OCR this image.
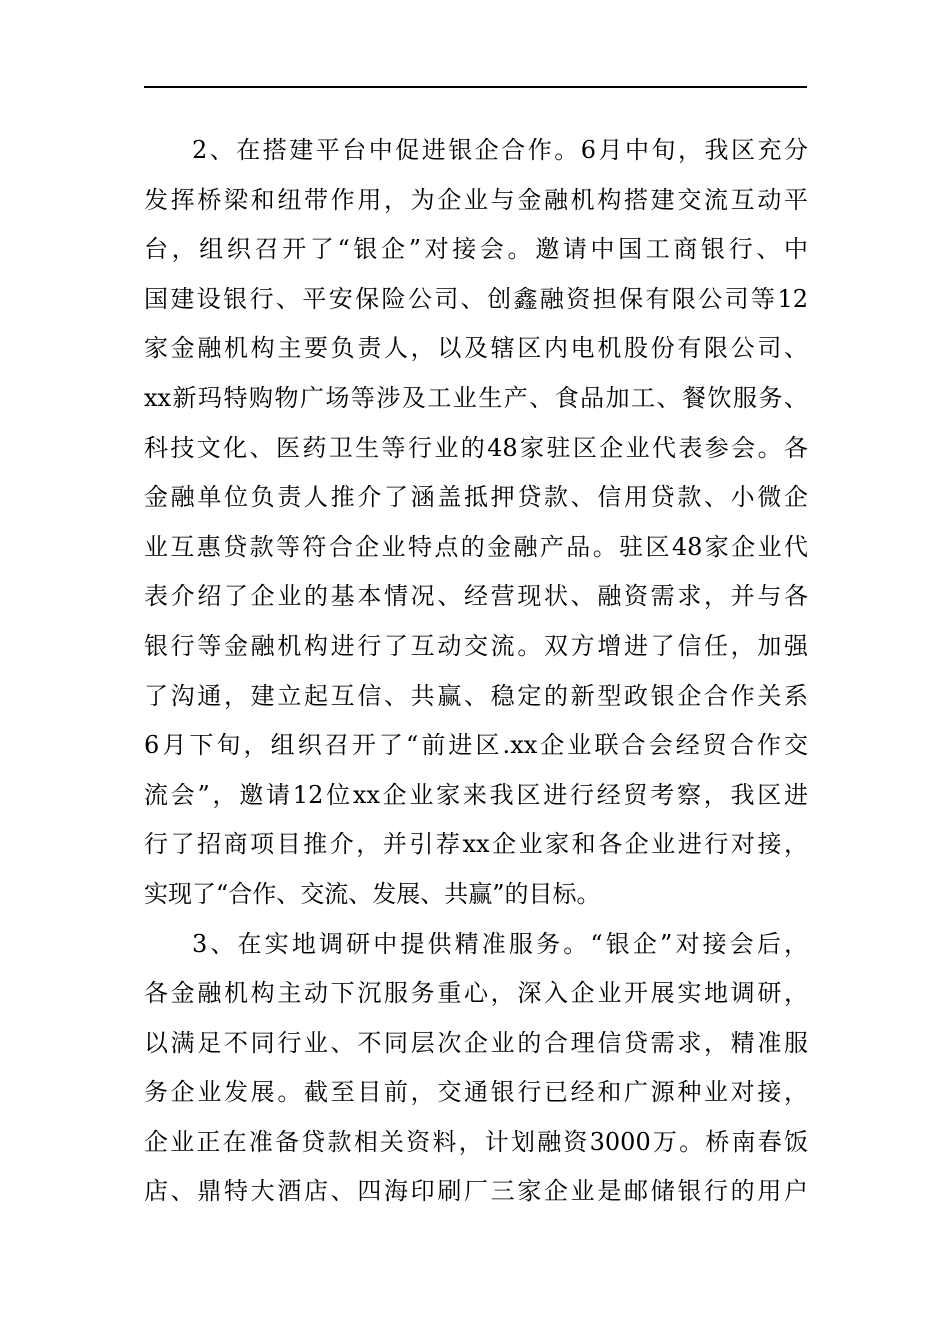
2、在搭建平台中促进银企合作。6月中旬，我区充分
发挥桥梁和纽带作用，为企业与金融机构搭建交流互动平
台，组织召开了“银企”对接会。邀请中国工商银行、中
国建设银行、平安保险公司、创鑫融资担保有限公司等12
家金融机构主要负责人，以及辖区内电机股份有限公司、
xx新玛特购物广场等涉及工业生产、食品加工、餐饮服务、
科技文化、医药卫生等行业的48家驻区企业代表参会。各
金融单位负责人推介了涵盖抵押贷款、信用贷款、小微企
业互惠贷款等符合企业特点的金融产品。驻区48家企业代
表介绍了企业的基本情况、经营现状、融资需求，并与各
银行等金融机构进行了互动交流。双方增进了信任，加强
了沟通，建立起互信、共赢、稳定的新型政银企合作关系
6月下旬，组织召开了“前进区.xx企业联合会经贸合作交
流会”，邀请12位xx企业家来我区进行经贸考察，我区进
行了招商项目推介，并引荐xx企业家和各企业进行对接，
实现了“合作、交流、发展、共赢”的目标。
3、在实地调研中提供精准服务。“银企”对接会后，
各金融机构主动下沉服务重心，深入企业开展实地调研，
以满足不同行业、不同层次企业的合理信贷需求，精准服
务企业发展。截至目前，交通银行已经和广源种业对接，
企业正在准备贷款相关资料，计划融资3000万。桥南春饭
店、鼎特大酒店、四海印刷厂三家企业是邮储银行的用户
